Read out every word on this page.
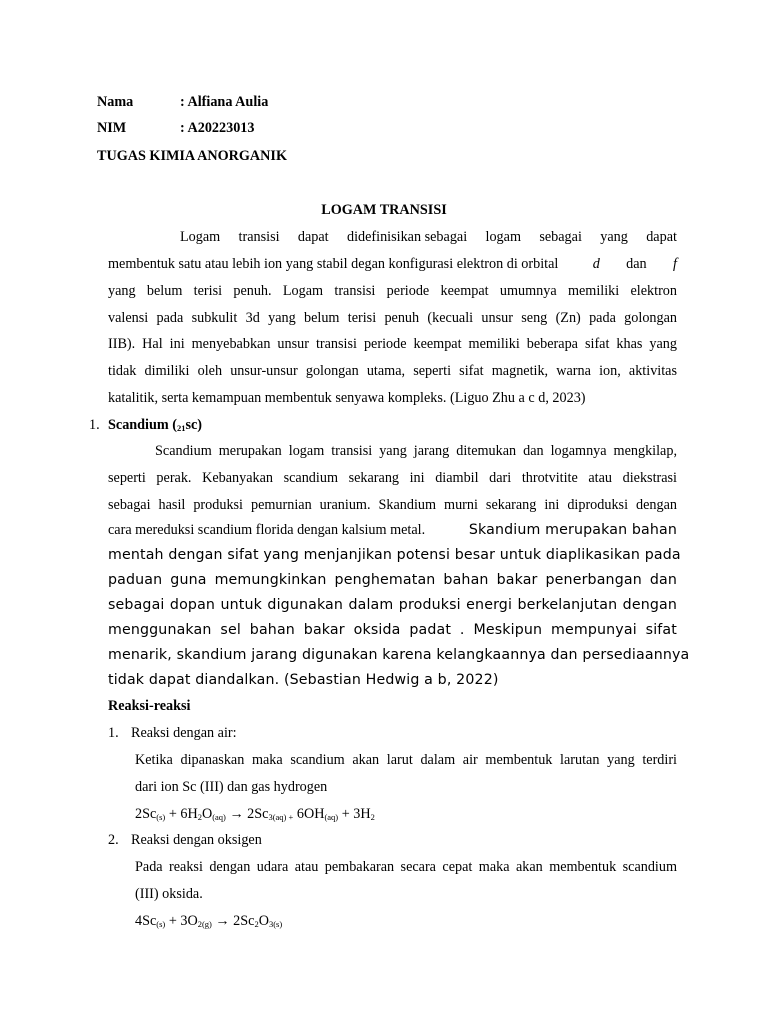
Nama	: Alfiana Aulia
NIM	: A20223013
TUGAS KIMIA ANORGANIK
LOGAM TRANSISI
Logam transisi dapat didefinisikan sebagai logam sebagai yang dapat
membentuk satu atau lebih ion yang stabil degan konfigurasi elektron di orbital d dan f
yang belum terisi penuh. Logam transisi periode keempat umumnya memiliki elektron
valensi pada subkulit 3d yang belum terisi penuh (kecuali unsur seng (Zn) pada golongan
IIB). Hal ini menyebabkan unsur transisi periode keempat memiliki beberapa sifat khas yang
tidak dimiliki oleh unsur-unsur golongan utama, seperti sifat magnetik, warna ion, aktivitas
katalitik, serta kemampuan membentuk senyawa kompleks. (Liguo Zhu a c d, 2023)
1. Scandium $(_{21}sc)$
Scandium merupakan logam transisi yang jarang ditemukan dan logamnya mengkilap,
seperti perak. Kebanyakan scandium sekarang ini diambil dari throtvitite atau diekstrasi
sebagai hasil produksi pemurnian uranium. Skandium murni sekarang ini diproduksi dengan
cara mereduksi scandium florida dengan kalsium metal.	Skandium merupakan bahan
mentah dengan sifat yang menjanjikan potensi besar untuk diaplikasikan pada
paduan guna memungkinkan penghematan bahan bakar penerbangan dan
sebagai dopan untuk digunakan dalam produksi energi berkelanjutan dengan
menggunakan sel bahan bakar oksida padat . Meskipun mempunyai sifat
menarik, skandium jarang digunakan karena kelangkaannya dan persediaannya
tidak dapat diandalkan. (Sebastian Hedwig a b, 2022)
Reaksi-reaksi
1. Reaksi dengan air:
Ketika dipanaskan maka scandium akan larut dalam air membentuk larutan yang terdiri
dari ion Sc (III) dan gas hydrogen
$2Sc_{(s)} + 6H_2O_{(aq)} \to 2Sc_{3(aq) +}$ $6OH_{(aq)} + 3H_2$
2. Reaksi dengan oksigen
Pada reaksi dengan udara atau pembakaran secara cepat maka akan membentuk scandium
(III) oksida.
$4Sc_{(s)} + 3O_{2(g)} \to 2Sc_2O_{3(s)}$
